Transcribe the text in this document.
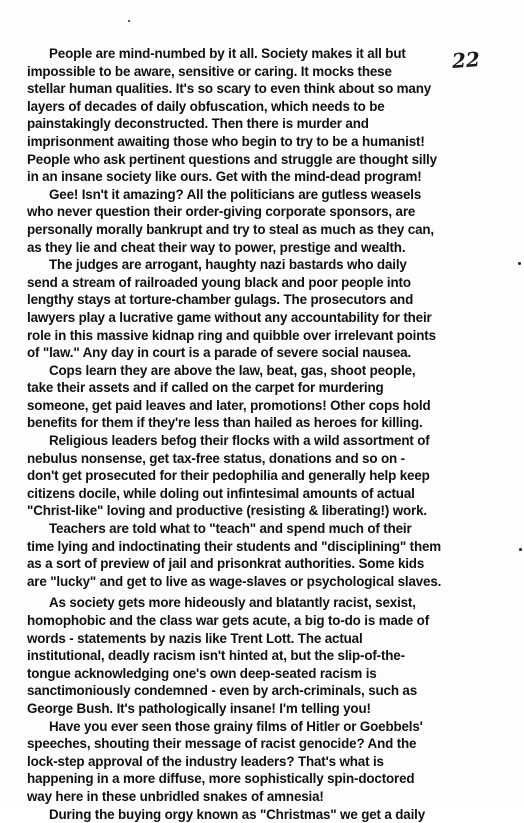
22

People are mind-numbed by it all. Society makes it all but
impossible to be aware, sensitive or caring. It mocks these
stellar human qualities. It's so scary to even think about so many
layers of decades of daily obfuscation, which needs to be
painstakingly deconstructed. Then there is murder and
imprisonment awaiting those who begin to try to be a humanist!
People who ask pertinent questions and struggle are thought silly
in an insane society like ours. Get with the mind-dead program!

Gee! Isn't it amazing? All the politicians are gutless weasels
who never question their order-giving corporate sponsors, are
personally morally bankrupt and try to steal as much as they can,
as they lie and cheat their way to power, prestige and wealth.

The judges are arrogant, haughty nazi bastards who daily
send a stream of railroaded young black and poor people into
lengthy stays at torture-chamber gulags. The prosecutors and
lawyers play a lucrative game without any accountability for their
role in this massive kidnap ring and quibble over irrelevant points
of "law." Any day in court is a parade of severe social nausea.

Cops learn they are above the law, beat, gas, shoot people,
take their assets and if called on the carpet for murdering
someone, get paid leaves and later, promotions! Other cops hold
benefits for them if they're less than hailed as heroes for killing.

Religious leaders befog their flocks with a wild assortment of
nebulus nonsense, get tax-free status, donations and so on -
don't get prosecuted for their pedophilia and generally help keep
citizens docile, while doling out infintesimal amounts of actual
"Christ-like" loving and productive (resisting & liberating!) work.

Teachers are told what to "teach" and spend much of their
time lying and indoctinating their students and "disciplining" them
as a sort of preview of jail and prisonkrat authorities. Some kids
are "lucky" and get to live as wage-slaves or psychological slaves.

As society gets more hideously and blatantly racist, sexist,
homophobic and the class war gets acute, a big to-do is made of
words - statements by nazis like Trent Lott. The actual
institutional, deadly racism isn't hinted at, but the slip-of-the-
tongue acknowledging one's own deep-seated racism is
sanctimoniously condemned - even by arch-criminals, such as
George Bush. It's pathologically insane! I'm telling you!

Have you ever seen those grainy films of Hitler or Goebbels'
speeches, shouting their message of racist genocide? And the
lock-step approval of the industry leaders? That's what is
happening in a more diffuse, more sophistically spin-doctored
way here in these unbridled snakes of amnesia!

During the buying orgy known as "Christmas" we get a daily
